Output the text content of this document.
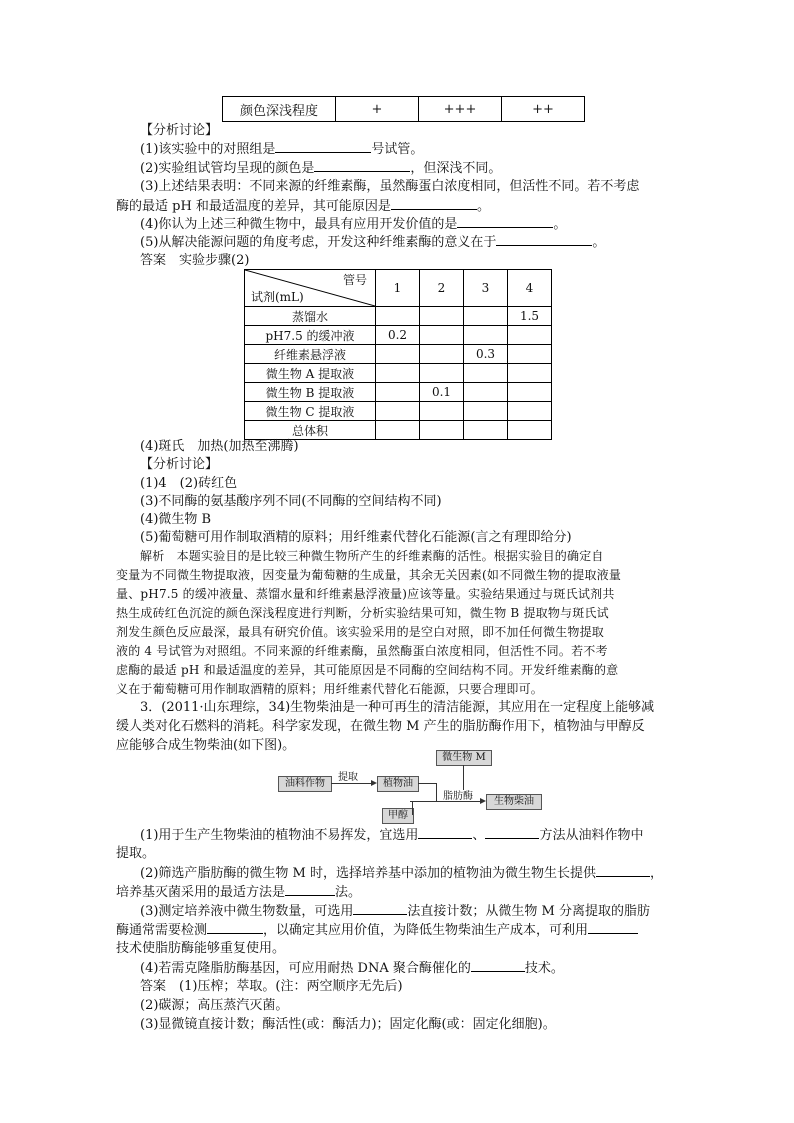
颜色深浅程度	+	+++	++
【分析讨论】
(1)该实验中的对照组是	号试管。
(2)实验组试管均呈现的颜色是	，但深浅不同。
(3)上述结果表明：不同来源的纤维素酶，虽然酶蛋白浓度相同，但活性不同。若不考虑
酶的最适 pH 和最适温度的差异，其可能原因是	。
(4)你认为上述三种微生物中，最具有应用开发价值的是	。
(5)从解决能源问题的角度考虑，开发这种纤维素酶的意义在于	。
答案　实验步骤(2)
管号
试剂(mL)	1	2	3	4
蒸馏水				1.5
pH7.5 的缓冲液	0.2			
纤维素悬浮液			0.3	
微生物 A 提取液				
微生物 B 提取液		0.1		
微生物 C 提取液				
总体积				
(4)斑氏　加热(加热至沸腾)
【分析讨论】
(1)4　(2)砖红色
(3)不同酶的氨基酸序列不同(不同酶的空间结构不同)
(4)微生物 B
(5)葡萄糖可用作制取酒精的原料；用纤维素代替化石能源(言之有理即给分)
解析　本题实验目的是比较三种微生物所产生的纤维素酶的活性。根据实验目的确定自
变量为不同微生物提取液，因变量为葡萄糖的生成量，其余无关因素(如不同微生物的提取液量
量、pH7.5 的缓冲液量、蒸馏水量和纤维素悬浮液量)应该等量。实验结果通过与斑氏试剂共
热生成砖红色沉淀的颜色深浅程度进行判断，分析实验结果可知，微生物 B 提取物与斑氏试
剂发生颜色反应最深，最具有研究价值。该实验采用的是空白对照，即不加任何微生物提取
液的 4 号试管为对照组。不同来源的纤维素酶，虽然酶蛋白浓度相同，但活性不同。若不考
虑酶的最适 pH 和最适温度的差异，其可能原因是不同酶的空间结构不同。开发纤维素酶的意
义在于葡萄糖可用作制取酒精的原料；用纤维素代替化石能源，只要合理即可。
3．(2011·山东理综，34)生物柴油是一种可再生的清洁能源，其应用在一定程度上能够减
缓人类对化石燃料的消耗。科学家发现，在微生物 M 产生的脂肪酶作用下，植物油与甲醇反
应能够合成生物柴油(如下图)。
油料作物
提取
植物油
微生物 M
脂肪酶
甲醇
生物柴油
(1)用于生产生物柴油的植物油不易挥发，宜选用	、	方法从油料作物中
提取。
(2)筛选产脂肪酶的微生物 M 时，选择培养基中添加的植物油为微生物生长提供	，
培养基灭菌采用的最适方法是	法。
(3)测定培养液中微生物数量，可选用	法直接计数；从微生物 M 分离提取的脂肪
酶通常需要检测	，以确定其应用价值，为降低生物柴油生产成本，可利用
技术使脂肪酶能够重复使用。
(4)若需克隆脂肪酶基因，可应用耐热 DNA 聚合酶催化的	技术。
答案　(1)压榨；萃取。(注：两空顺序无先后)
(2)碳源；高压蒸汽灭菌。
(3)显微镜直接计数；酶活性(或：酶活力)；固定化酶(或：固定化细胞)。
